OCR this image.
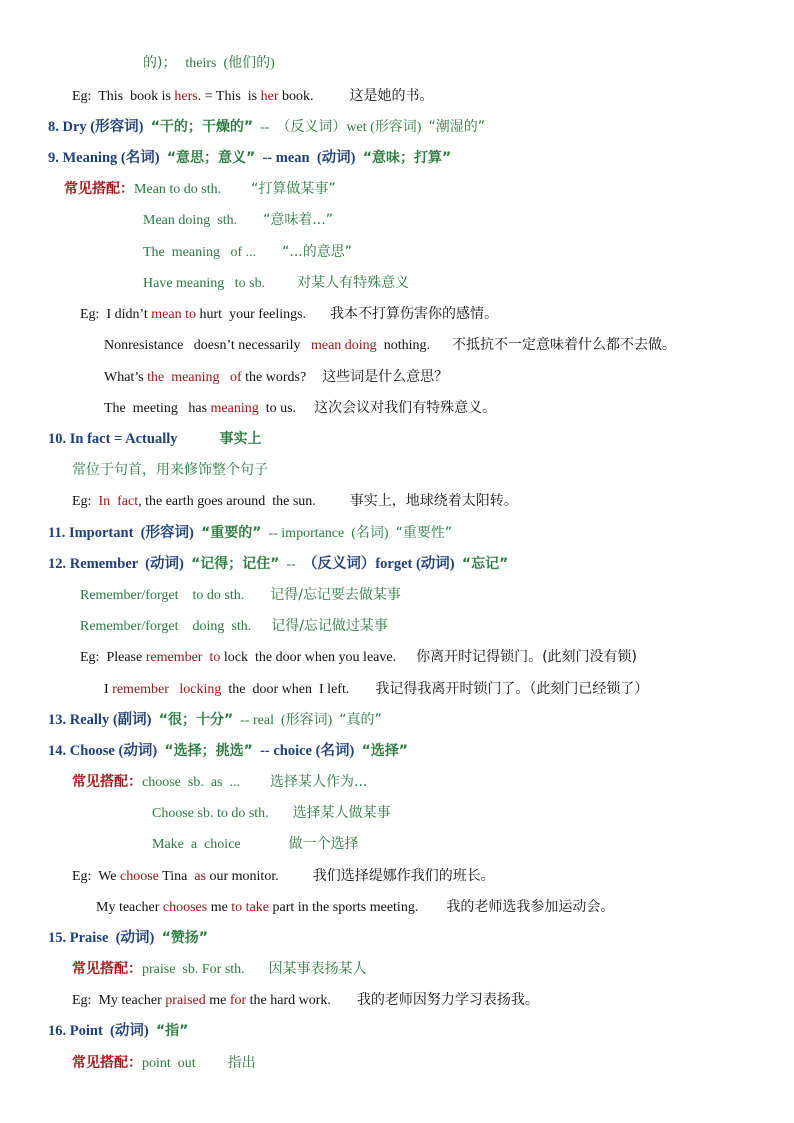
的)；  theirs  (他们的)
Eg:  This  book is hers. = This  is her book.	这是她的书。
8. Dry (形容词)  “干的；干燥的”  --  （反义词）wet (形容词)  “潮湿的”
9. Meaning (名词)  “意思；意义”  -- mean  (动词)  “意味；打算”
常见搭配：Mean to do sth. “打算做某事”
Mean doing  sth. “意味着...”
The  meaning   of ... “...的意思”
Have meaning   to sb. 对某人有特殊意义
Eg:  I didn’t mean to hurt  your feelings. 我本不打算伤害你的感情。
Nonresistance   doesn’t necessarily   mean doing  nothing. 不抵抗不一定意味着什么都不去做。
What’s the  meaning   of the words? 这些词是什么意思？
The  meeting   has meaning  to us. 这次会议对我们有特殊意义。
10. In fact = Actually	事实上
常位于句首，用来修饰整个句子
Eg:  In  fact, the earth goes around  the sun. 事实上，地球绕着太阳转。
11. Important  (形容词)  “重要的”  -- importance  (名词)  “重要性”
12. Remember  (动词)  “记得；记住”  --  （反义词）forget (动词)  “忘记”
Remember/forget    to do sth. 记得/忘记要去做某事
Remember/forget    doing  sth. 记得/忘记做过某事
Eg:  Please remember  to lock  the door when you leave. 你离开时记得锁门。(此刻门没有锁)
I remember   locking  the  door when  I left. 我记得我离开时锁门了。（此刻门已经锁了）
13. Really (副词)  “很；十分”  -- real  (形容词)  “真的”
14. Choose (动词)  “选择；挑选”  -- choice (名词)  “选择”
常见搭配：choose  sb.  as  ... 选择某人作为...
Choose sb. to do sth. 选择某人做某事
Make  a  choice	做一个选择
Eg:  We choose Tina  as our monitor. 我们选择缇娜作我们的班长。
My teacher chooses me to take part in the sports meeting. 我的老师选我参加运动会。
15. Praise  (动词)  “赞扬”
常见搭配：praise  sb. For sth. 因某事表扬某人
Eg:  My teacher praised me for the hard work. 我的老师因努力学习表扬我。
16. Point  (动词)  “指”
常见搭配：point  out 指出
